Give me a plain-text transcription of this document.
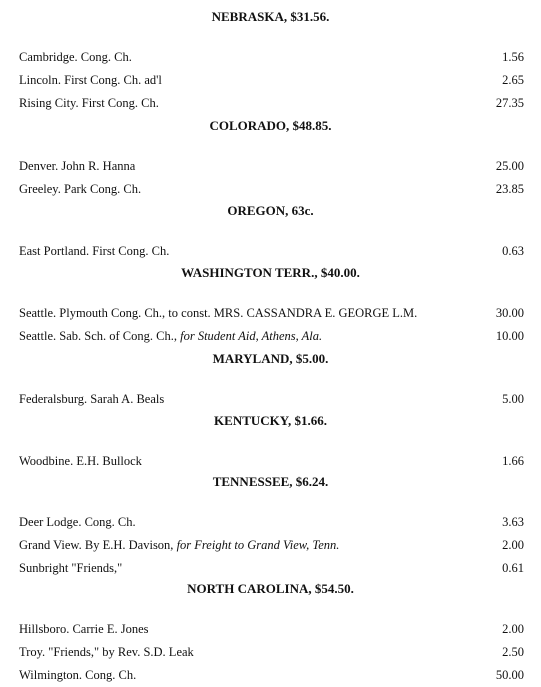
NEBRASKA, $31.56.
Cambridge. Cong. Ch.	1.56
Lincoln. First Cong. Ch. ad'l	2.65
Rising City. First Cong. Ch.	27.35
COLORADO, $48.85.
Denver. John R. Hanna	25.00
Greeley. Park Cong. Ch.	23.85
OREGON, 63c.
East Portland. First Cong. Ch.	0.63
WASHINGTON TERR., $40.00.
Seattle. Plymouth Cong. Ch., to const. MRS. CASSANDRA E. GEORGE L.M.	30.00
Seattle. Sab. Sch. of Cong. Ch., for Student Aid, Athens, Ala.	10.00
MARYLAND, $5.00.
Federalsburg. Sarah A. Beals	5.00
KENTUCKY, $1.66.
Woodbine. E.H. Bullock	1.66
TENNESSEE, $6.24.
Deer Lodge. Cong. Ch.	3.63
Grand View. By E.H. Davison, for Freight to Grand View, Tenn.	2.00
Sunbright "Friends,"	0.61
NORTH CAROLINA, $54.50.
Hillsboro. Carrie E. Jones	2.00
Troy. "Friends," by Rev. S.D. Leak	2.50
Wilmington. Cong. Ch.	50.00
